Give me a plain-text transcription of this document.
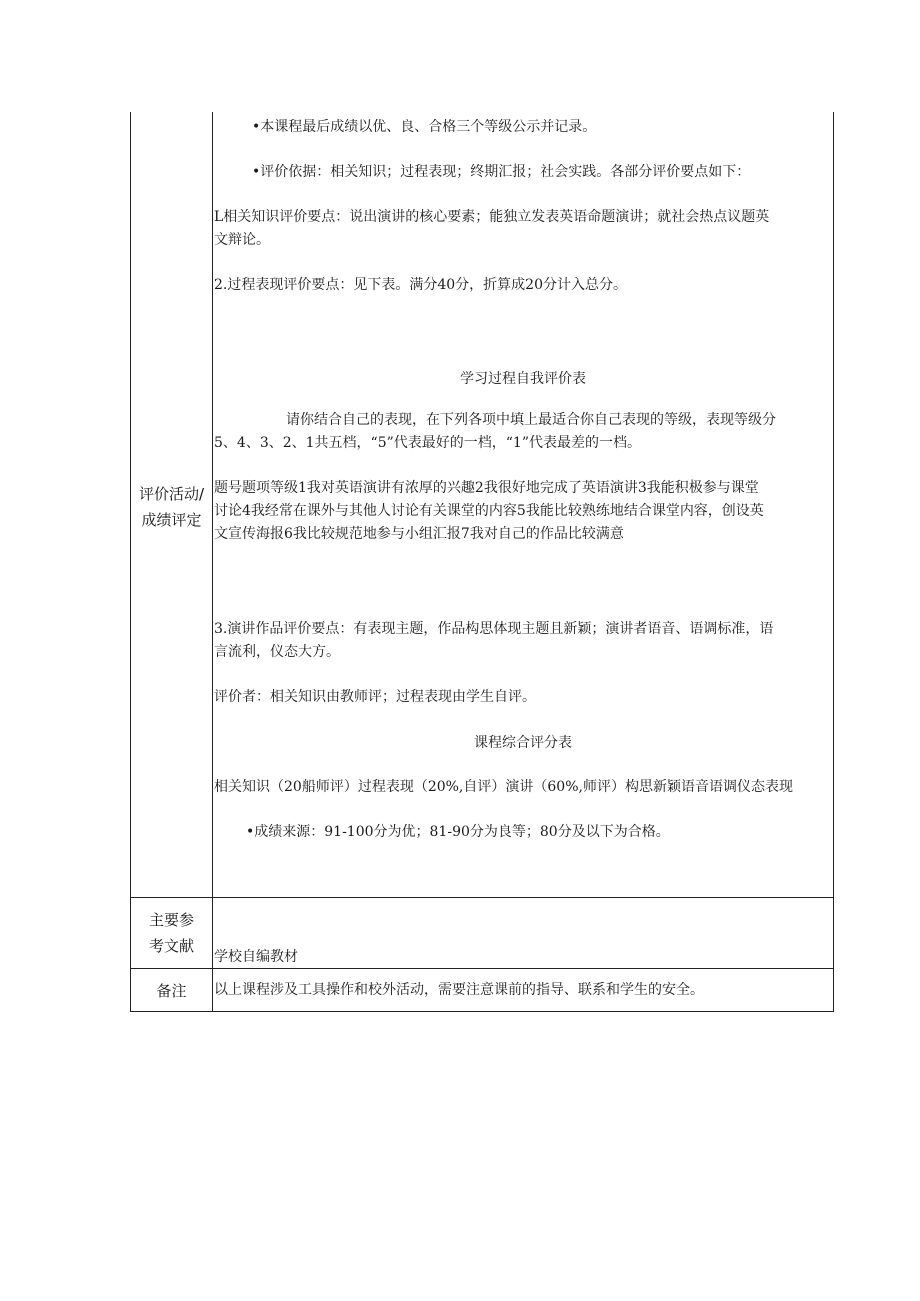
评价活动/
成绩评定
•本课程最后成绩以优、良、合格三个等级公示并记录。
•评价依据：相关知识；过程表现；终期汇报；社会实践。各部分评价要点如下：
L相关知识评价要点：说出演讲的核心要素；能独立发表英语命题演讲；就社会热点议题英
文辩论。
2.过程表现评价要点：见下表。满分40分，折算成20分计入总分。
学习过程自我评价表
请你结合自己的表现，在下列各项中填上最适合你自己表现的等级，表现等级分
5、4、3、2、1共五档，“5”代表最好的一档，“1”代表最差的一档。
题号题项等级1我对英语演讲有浓厚的兴趣2我很好地完成了英语演讲3我能积极参与课堂
讨论4我经常在课外与其他人讨论有关课堂的内容5我能比较熟练地结合课堂内容，创设英
文宣传海报6我比较规范地参与小组汇报7我对自己的作品比较满意
3.演讲作品评价要点：有表现主题，作品构思体现主题且新颖；演讲者语音、语调标准，语
言流利，仪态大方。
评价者：相关知识由教师评；过程表现由学生自评。
课程综合评分表
相关知识（20船师评）过程表现（20%,自评）演讲（60%,师评）构思新颖语音语调仪态表现
•成绩来源：91-100分为优；81-90分为良等；80分及以下为合格。
主要参
考文献
学校自编教材
备注	以上课程涉及工具操作和校外活动，需要注意课前的指导、联系和学生的安全。
